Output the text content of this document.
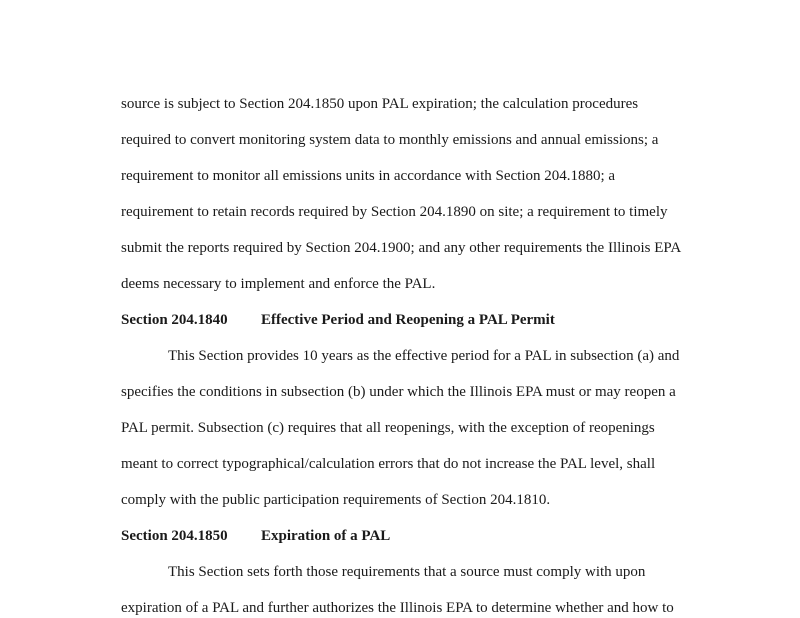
source is subject to Section 204.1850 upon PAL expiration; the calculation procedures
required to convert monitoring system data to monthly emissions and annual emissions; a
requirement to monitor all emissions units in accordance with Section 204.1880; a
requirement to retain records required by Section 204.1890 on site; a requirement to timely
submit the reports required by Section 204.1900; and any other requirements the Illinois EPA
deems necessary to implement and enforce the PAL.
Section 204.1840 Effective Period and Reopening a PAL Permit
This Section provides 10 years as the effective period for a PAL in subsection (a) and
specifies the conditions in subsection (b) under which the Illinois EPA must or may reopen a
PAL permit. Subsection (c) requires that all reopenings, with the exception of reopenings
meant to correct typographical/calculation errors that do not increase the PAL level, shall
comply with the public participation requirements of Section 204.1810.
Section 204.1850 Expiration of a PAL
This Section sets forth those requirements that a source must comply with upon
expiration of a PAL and further authorizes the Illinois EPA to determine whether and how to
